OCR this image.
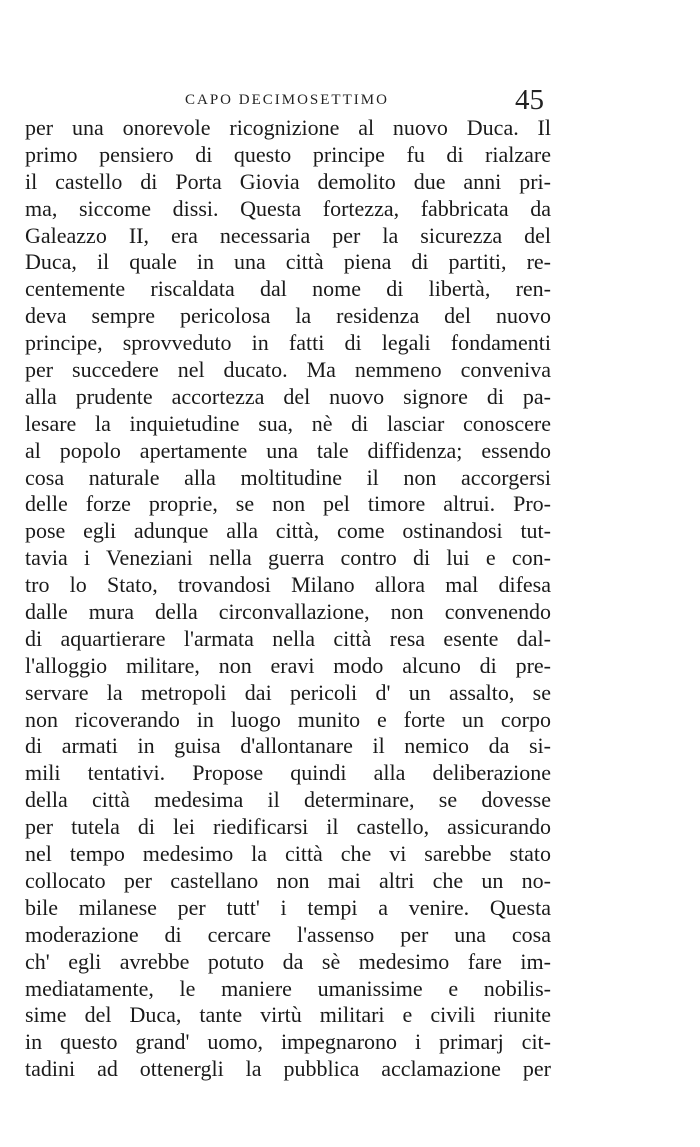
CAPO DECIMOSETTIMO	45
per una onorevole ricognizione al nuovo Duca. Il
primo pensiero di questo principe fu di rialzare
il castello di Porta Giovia demolito due anni pri-
ma, siccome dissi. Questa fortezza, fabbricata da
Galeazzo II, era necessaria per la sicurezza del
Duca, il quale in una città piena di partiti, re-
centemente riscaldata dal nome di libertà, ren-
deva sempre pericolosa la residenza del nuovo
principe, sprovveduto in fatti di legali fondamenti
per succedere nel ducato. Ma nemmeno conveniva
alla prudente accortezza del nuovo signore di pa-
lesare la inquietudine sua, nè di lasciar conoscere
al popolo apertamente una tale diffidenza; essendo
cosa naturale alla moltitudine il non accorgersi
delle forze proprie, se non pel timore altrui. Pro-
pose egli adunque alla città, come ostinandosi tut-
tavia i Veneziani nella guerra contro di lui e con-
tro lo Stato, trovandosi Milano allora mal difesa
dalle mura della circonvallazione, non convenendo
di aquartierare l'armata nella città resa esente dal-
l'alloggio militare, non eravi modo alcuno di pre-
servare la metropoli dai pericoli d' un assalto, se
non ricoverando in luogo munito e forte un corpo
di armati in guisa d'allontanare il nemico da si-
mili tentativi. Propose quindi alla deliberazione
della città medesima il determinare, se dovesse
per tutela di lei riedificarsi il castello, assicurando
nel tempo medesimo la città che vi sarebbe stato
collocato per castellano non mai altri che un no-
bile milanese per tutt' i tempi a venire. Questa
moderazione di cercare l'assenso per una cosa
ch' egli avrebbe potuto da sè medesimo fare im-
mediatamente, le maniere umanissime e nobilis-
sime del Duca, tante virtù militari e civili riunite
in questo grand' uomo, impegnarono i primarj cit-
tadini ad ottenergli la pubblica acclamazione per
